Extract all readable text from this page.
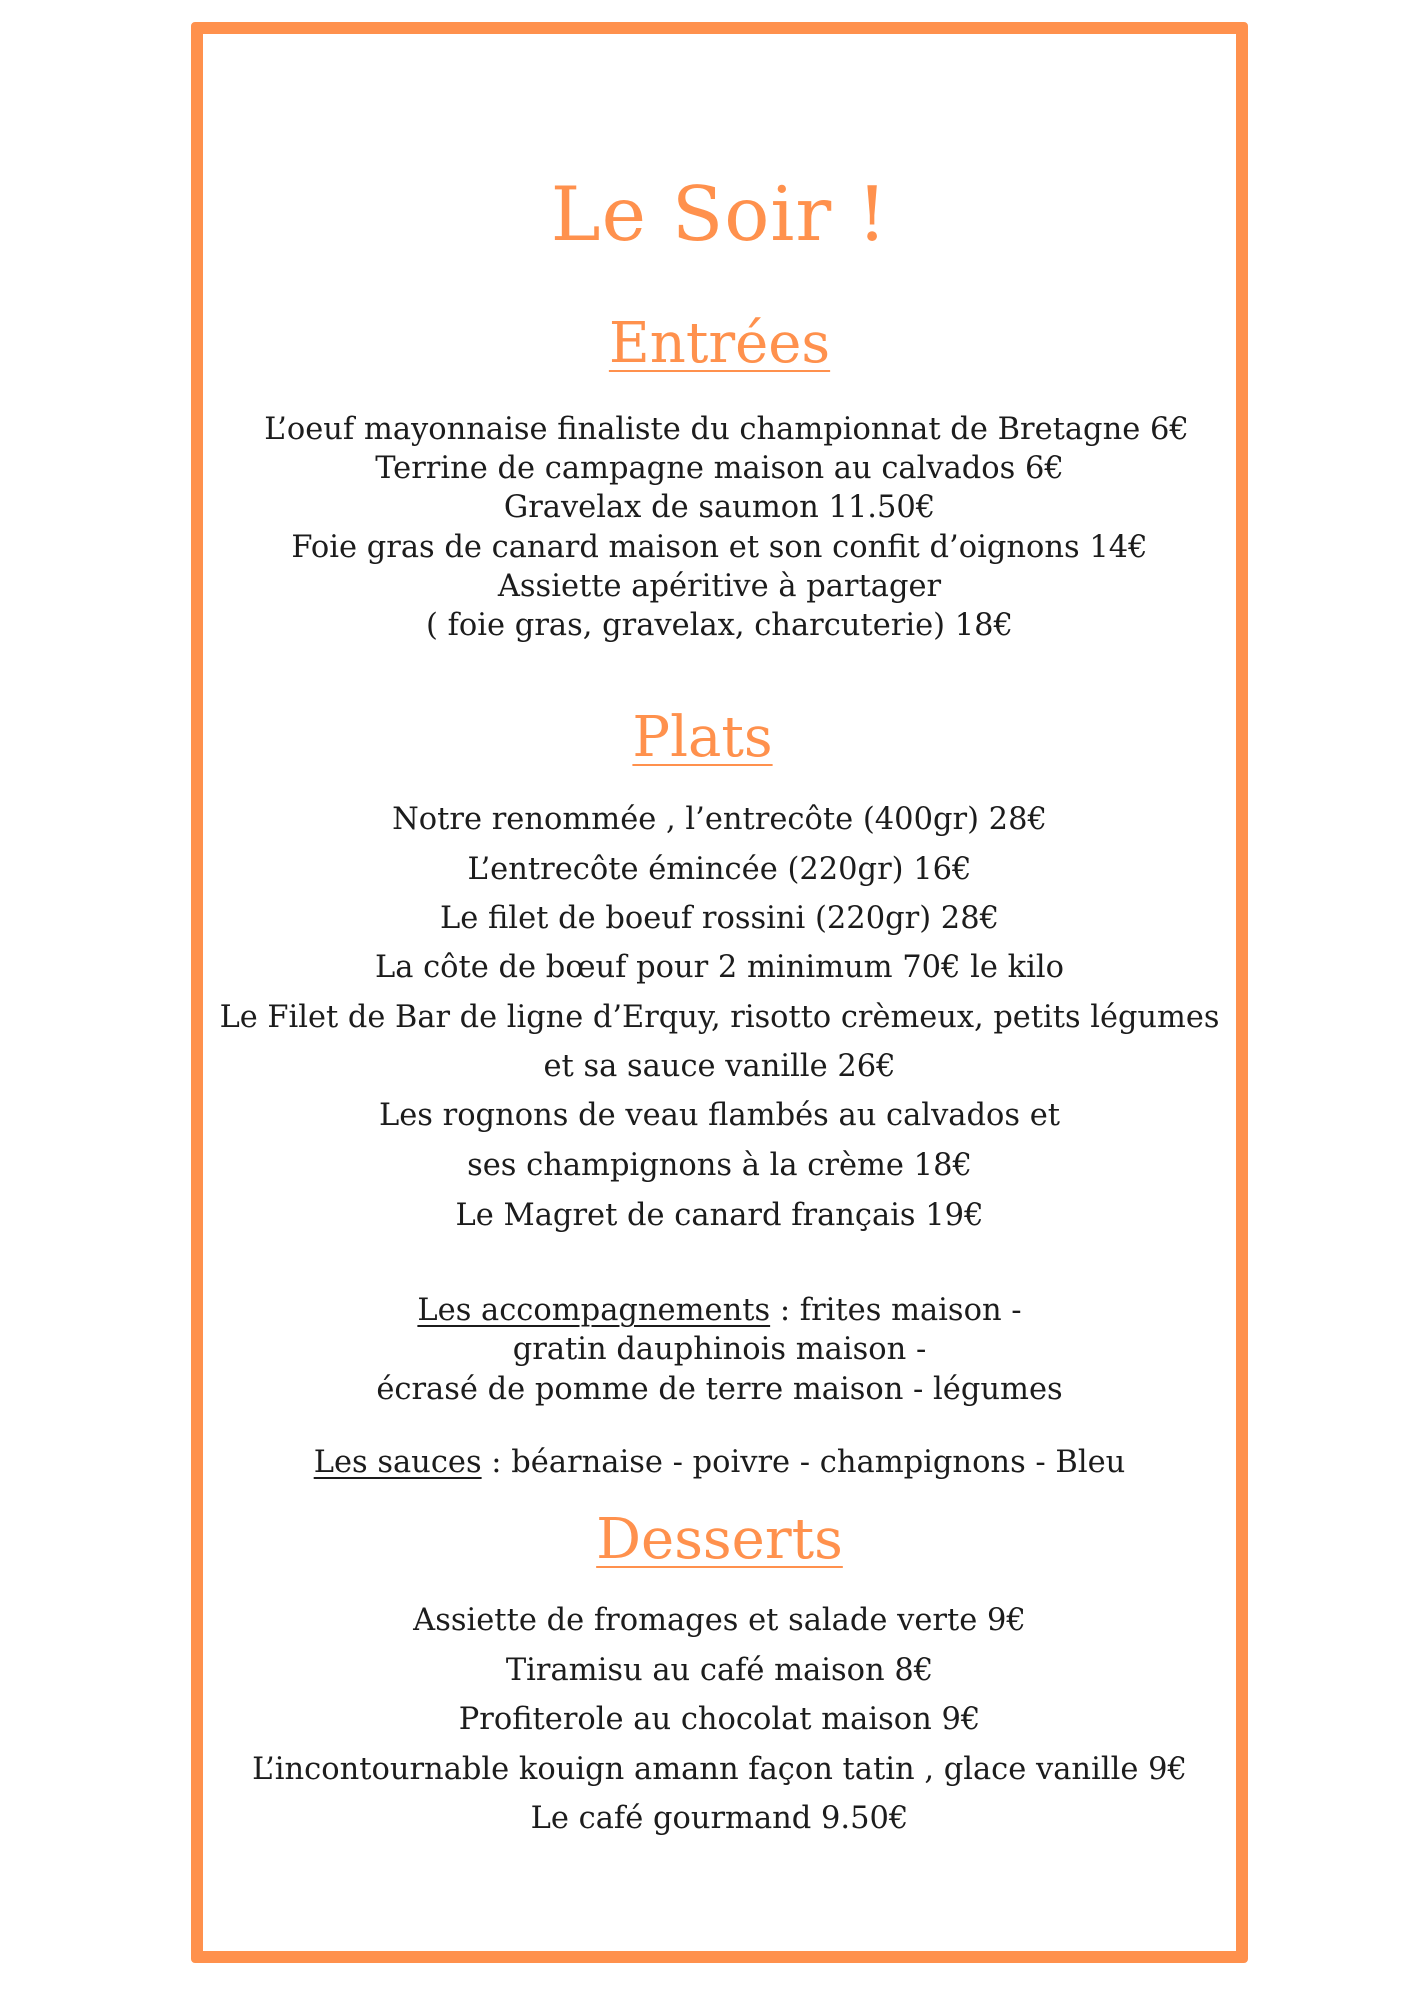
Le Soir !
Entrées
L’oeuf mayonnaise finaliste du championnat de Bretagne 6€
Terrine de campagne maison au calvados 6€
Gravelax de saumon 11.50€
Foie gras de canard maison et son confit d’oignons 14€
Assiette apéritive à partager
( foie gras, gravelax, charcuterie) 18€
Plats
Notre renommée , l’entrecôte (400gr) 28€
L’entrecôte émincée (220gr) 16€
Le filet de boeuf rossini (220gr) 28€
La côte de bœuf pour 2 minimum 70€ le kilo
Le Filet de Bar de ligne d’Erquy, risotto crèmeux, petits légumes
et sa sauce vanille 26€
Les rognons de veau flambés au calvados et
ses champignons à la crème 18€
Le Magret de canard français 19€
Les accompagnements : frites maison -
gratin dauphinois maison -
écrasé de pomme de terre maison - légumes
Les sauces : béarnaise - poivre - champignons - Bleu
Desserts
Assiette de fromages et salade verte 9€
Tiramisu au café maison 8€
Profiterole au chocolat maison 9€
L’incontournable kouign amann façon tatin , glace vanille 9€
Le café gourmand 9.50€
